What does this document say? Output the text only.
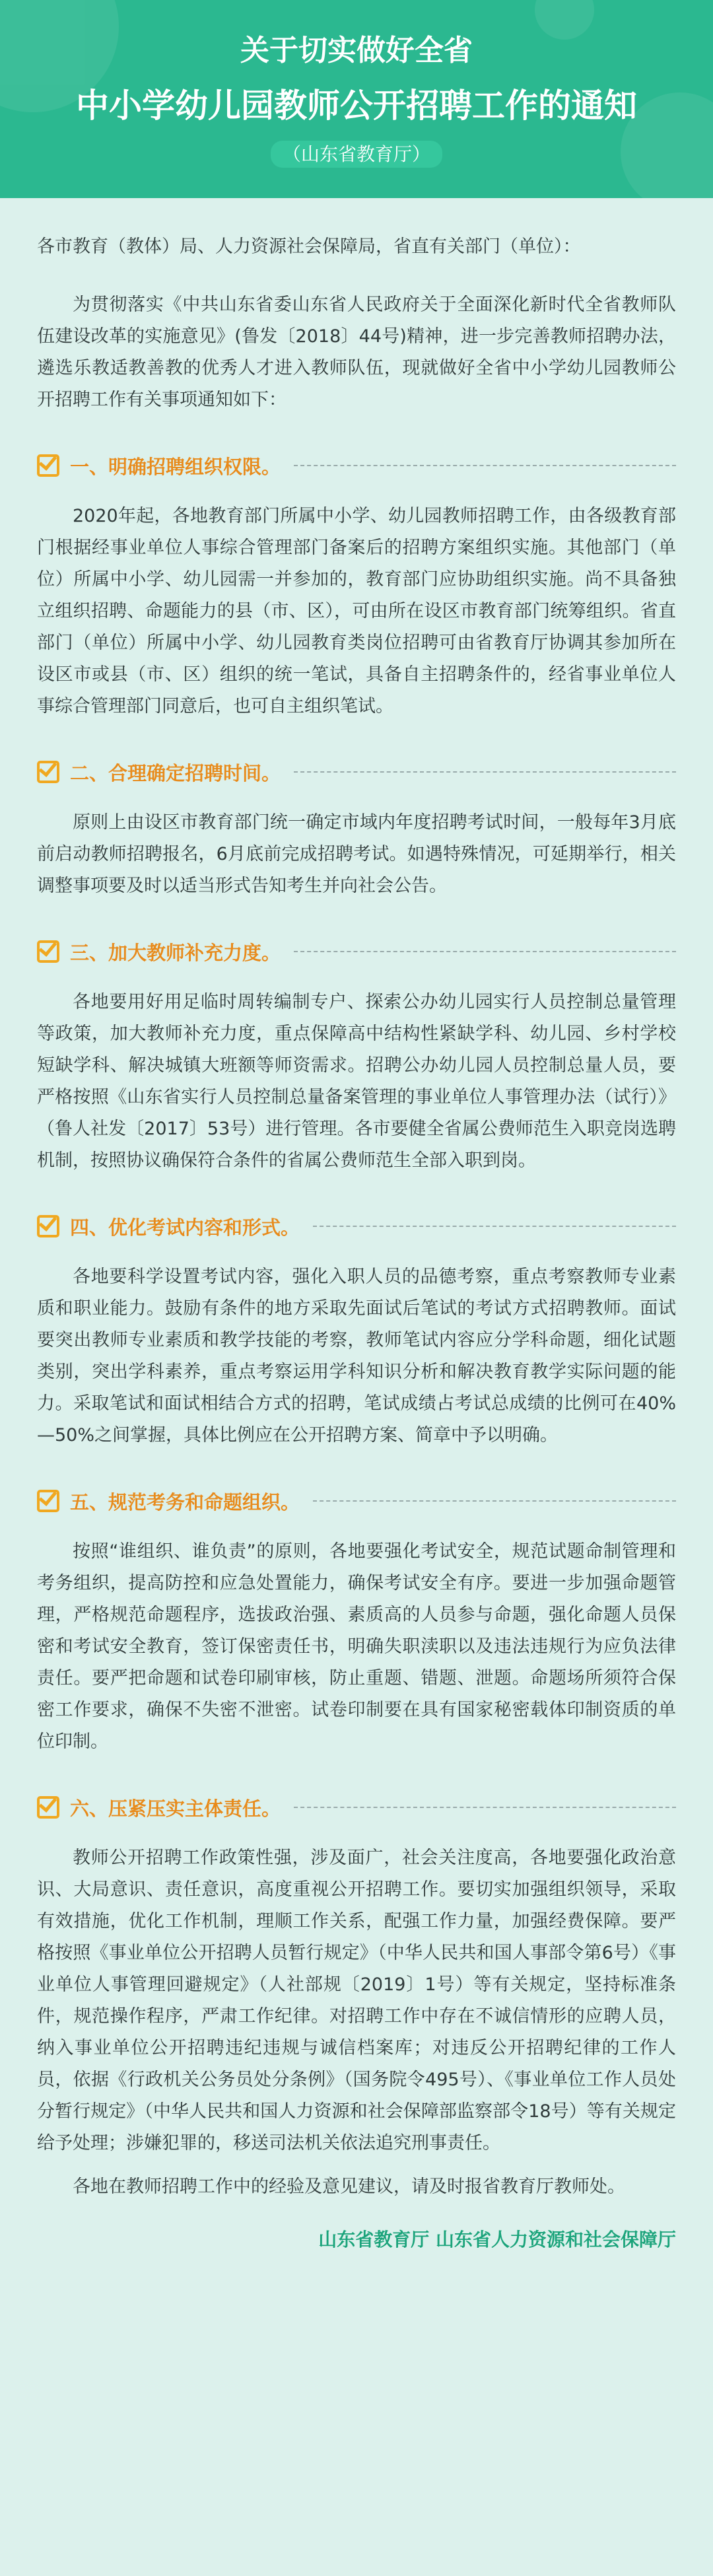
关于切实做好全省
中小学幼儿园教师公开招聘工作的通知
（山东省教育厅）

各市教育（教体）局、人力资源社会保障局，省直有关部门（单位）：

为贯彻落实《中共山东省委山东省人民政府关于全面深化新时代全省教师队伍建设改革的实施意见》(鲁发〔2018〕44号)精神，进一步完善教师招聘办法，遴选乐教适教善教的优秀人才进入教师队伍，现就做好全省中小学幼儿园教师公开招聘工作有关事项通知如下：

一、明确招聘组织权限。

2020年起，各地教育部门所属中小学、幼儿园教师招聘工作，由各级教育部门根据经事业单位人事综合管理部门备案后的招聘方案组织实施。其他部门（单位）所属中小学、幼儿园需一并参加的，教育部门应协助组织实施。尚不具备独立组织招聘、命题能力的县（市、区），可由所在设区市教育部门统筹组织。省直部门（单位）所属中小学、幼儿园教育类岗位招聘可由省教育厅协调其参加所在设区市或县（市、区）组织的统一笔试，具备自主招聘条件的，经省事业单位人事综合管理部门同意后，也可自主组织笔试。

二、合理确定招聘时间。

原则上由设区市教育部门统一确定市域内年度招聘考试时间，一般每年3月底前启动教师招聘报名，6月底前完成招聘考试。如遇特殊情况，可延期举行，相关调整事项要及时以适当形式告知考生并向社会公告。

三、加大教师补充力度。

各地要用好用足临时周转编制专户、探索公办幼儿园实行人员控制总量管理等政策，加大教师补充力度，重点保障高中结构性紧缺学科、幼儿园、乡村学校短缺学科、解决城镇大班额等师资需求。招聘公办幼儿园人员控制总量人员，要严格按照《山东省实行人员控制总量备案管理的事业单位人事管理办法（试行）》（鲁人社发〔2017〕53号）进行管理。各市要健全省属公费师范生入职竞岗选聘机制，按照协议确保符合条件的省属公费师范生全部入职到岗。

四、优化考试内容和形式。

各地要科学设置考试内容，强化入职人员的品德考察，重点考察教师专业素质和职业能力。鼓励有条件的地方采取先面试后笔试的考试方式招聘教师。面试要突出教师专业素质和教学技能的考察，教师笔试内容应分学科命题，细化试题类别，突出学科素养，重点考察运用学科知识分析和解决教育教学实际问题的能力。采取笔试和面试相结合方式的招聘，笔试成绩占考试总成绩的比例可在40%—50%之间掌握，具体比例应在公开招聘方案、简章中予以明确。

五、规范考务和命题组织。

按照“谁组织、谁负责”的原则，各地要强化考试安全，规范试题命制管理和考务组织，提高防控和应急处置能力，确保考试安全有序。要进一步加强命题管理，严格规范命题程序，选拔政治强、素质高的人员参与命题，强化命题人员保密和考试安全教育，签订保密责任书，明确失职渎职以及违法违规行为应负法律责任。要严把命题和试卷印刷审核，防止重题、错题、泄题。命题场所须符合保密工作要求，确保不失密不泄密。试卷印制要在具有国家秘密载体印制资质的单位印制。

六、压紧压实主体责任。

教师公开招聘工作政策性强，涉及面广，社会关注度高，各地要强化政治意识、大局意识、责任意识，高度重视公开招聘工作。要切实加强组织领导，采取有效措施，优化工作机制，理顺工作关系，配强工作力量，加强经费保障。要严格按照《事业单位公开招聘人员暂行规定》（中华人民共和国人事部令第6号）《事业单位人事管理回避规定》（人社部规〔2019〕1号）等有关规定，坚持标准条件，规范操作程序，严肃工作纪律。对招聘工作中存在不诚信情形的应聘人员，纳入事业单位公开招聘违纪违规与诚信档案库；对违反公开招聘纪律的工作人员，依据《行政机关公务员处分条例》（国务院令495号）、《事业单位工作人员处分暂行规定》（中华人民共和国人力资源和社会保障部监察部令18号）等有关规定给予处理；涉嫌犯罪的，移送司法机关依法追究刑事责任。

各地在教师招聘工作中的经验及意见建议，请及时报省教育厅教师处。

山东省教育厅 山东省人力资源和社会保障厅
